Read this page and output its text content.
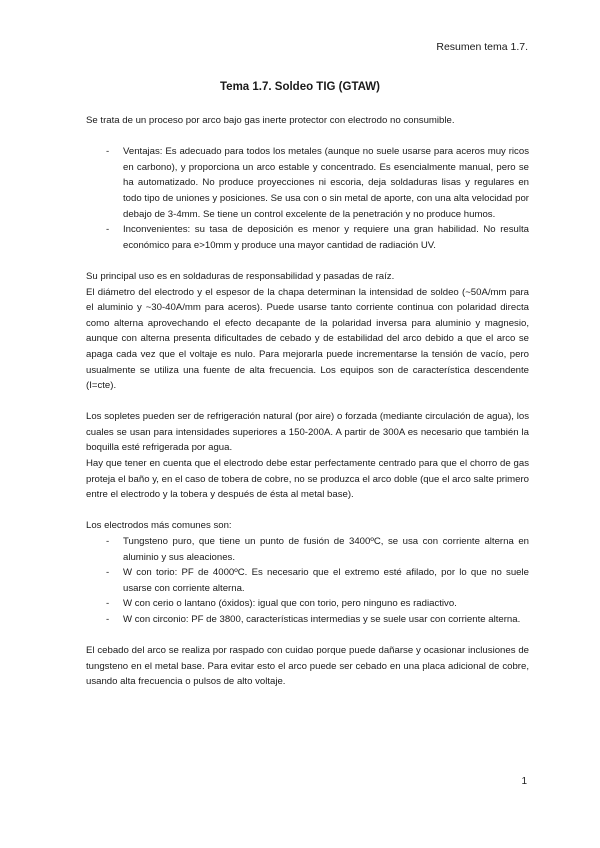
Resumen tema 1.7.
Tema 1.7. Soldeo TIG (GTAW)

Se trata de un proceso por arco bajo gas inerte protector con electrodo no consumible.

- Ventajas: Es adecuado para todos los metales (aunque no suele usarse para aceros muy ricos en carbono), y proporciona un arco estable y concentrado. Es esencialmente manual, pero se ha automatizado. No produce proyecciones ni escoria, deja soldaduras lisas y regulares en todo tipo de uniones y posiciones. Se usa con o sin metal de aporte, con una alta velocidad por debajo de 3-4mm. Se tiene un control excelente de la penetración y no produce humos.
- Inconvenientes: su tasa de deposición es menor y requiere una gran habilidad. No resulta económico para e>10mm y produce una mayor cantidad de radiación UV.

Su principal uso es en soldaduras de responsabilidad y pasadas de raíz.

El diámetro del electrodo y el espesor de la chapa determinan la intensidad de soldeo (~50A/mm para el aluminio y ~30-40A/mm para aceros). Puede usarse tanto corriente continua con polaridad directa como alterna aprovechando el efecto decapante de la polaridad inversa para aluminio y magnesio, aunque con alterna presenta dificultades de cebado y de estabilidad del arco debido a que el arco se apaga cada vez que el voltaje es nulo. Para mejorarla puede incrementarse la tensión de vacío, pero usualmente se utiliza una fuente de alta frecuencia. Los equipos son de característica descendente (I=cte).

Los sopletes pueden ser de refrigeración natural (por aire) o forzada (mediante circulación de agua), los cuales se usan para intensidades superiores a 150-200A. A partir de 300A es necesario que también la boquilla esté refrigerada por agua.

Hay que tener en cuenta que el electrodo debe estar perfectamente centrado para que el chorro de gas proteja el baño y, en el caso de tobera de cobre, no se produzca el arco doble (que el arco salte primero entre el electrodo y la tobera y después de ésta al metal base).

Los electrodos más comunes son:

- Tungsteno puro, que tiene un punto de fusión de 3400ºC, se usa con corriente alterna en aluminio y sus aleaciones.
- W con torio: PF de 4000ºC. Es necesario que el extremo esté afilado, por lo que no suele usarse con corriente alterna.
- W con cerio o lantano (óxidos): igual que con torio, pero ninguno es radiactivo.
- W con circonio: PF de 3800, características intermedias y se suele usar con corriente alterna.

El cebado del arco se realiza por raspado con cuidao porque puede dañarse y ocasionar inclusiones de tungsteno en el metal base. Para evitar esto el arco puede ser cebado en una placa adicional de cobre, usando alta frecuencia o pulsos de alto voltaje.

1
